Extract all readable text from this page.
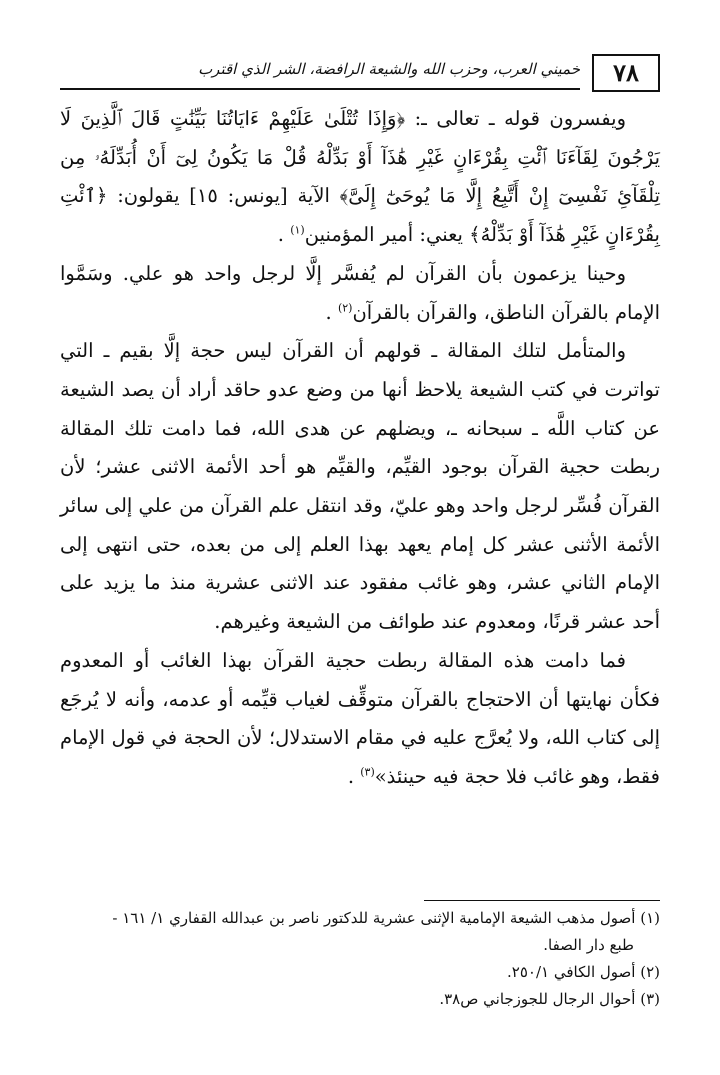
٧٨
خميني العرب، وحزب الله والشيعة الرافضة، الشر الذي اقترب

ويفسرون قوله ـ تعالى ـ: ﴿وَإِذَا تُتْلَىٰ عَلَيْهِمْ ءَايَاتُنَا بَيِّنَٰتٍ قَالَ ٱلَّذِينَ لَا يَرْجُونَ لِقَآءَنَا ٱئْتِ بِقُرْءَانٍ غَيْرِ هَٰذَآ أَوْ بَدِّلْهُ قُلْ مَا يَكُونُ لِىٓ أَنْ أُبَدِّلَهُۥ مِن تِلْقَآئِ نَفْسِىٓ إِنْ أَتَّبِعُ إِلَّا مَا يُوحَىٰٓ إِلَىَّ﴾ الآية [يونس: ١٥] يقولون: ﴿ٱئْتِ بِقُرْءَانٍ غَيْرِ هَٰذَآ أَوْ بَدِّلْهُ﴾ يعني: أمير المؤمنين$^{(١)}$ .

وحينا يزعمون بأن القرآن لم يُفسَّر إلَّا لرجل واحد هو علي. وسَمَّوا الإمام بالقرآن الناطق، والقرآن بالقرآن$^{(٢)}$ .

والمتأمل لتلك المقالة ـ قولهم أن القرآن ليس حجة إلَّا بقيم ـ التي تواترت في كتب الشيعة يلاحظ أنها من وضع عدو حاقد أراد أن يصد الشيعة عن كتاب اللَّه ـ سبحانه ـ، ويضلهم عن هدى الله، فما دامت تلك المقالة ربطت حجية القرآن بوجود القيِّم، والقيِّم هو أحد الأئمة الاثنى عشر؛ لأن القرآن فُسِّر لرجل واحد وهو عليّ، وقد انتقل علم القرآن من علي إلى سائر الأئمة الأثنى عشر كل إمام يعهد بهذا العلم إلى من بعده، حتى انتهى إلى الإمام الثاني عشر، وهو غائب مفقود عند الاثنى عشرية منذ ما يزيد على أحد عشر قرنًا، ومعدوم عند طوائف من الشيعة وغيرهم.

فما دامت هذه المقالة ربطت حجية القرآن بهذا الغائب أو المعدوم فكأن نهايتها أن الاحتجاج بالقرآن متوقِّف لغياب قيِّمه أو عدمه، وأنه لا يُرجَع إلى كتاب الله، ولا يُعرَّج عليه في مقام الاستدلال؛ لأن الحجة في قول الإمام فقط، وهو غائب فلا حجة فيه حينئذ»$^{(٣)}$ .

(١) أصول مذهب الشيعة الإمامية الإثنى عشرية للدكتور ناصر بن عبدالله القفاري ١/ ١٦١ -
طبع دار الصفا.
(٢) أصول الكافي ٢٥٠/١.
(٣) أحوال الرجال للجوزجاني ص٣٨.
